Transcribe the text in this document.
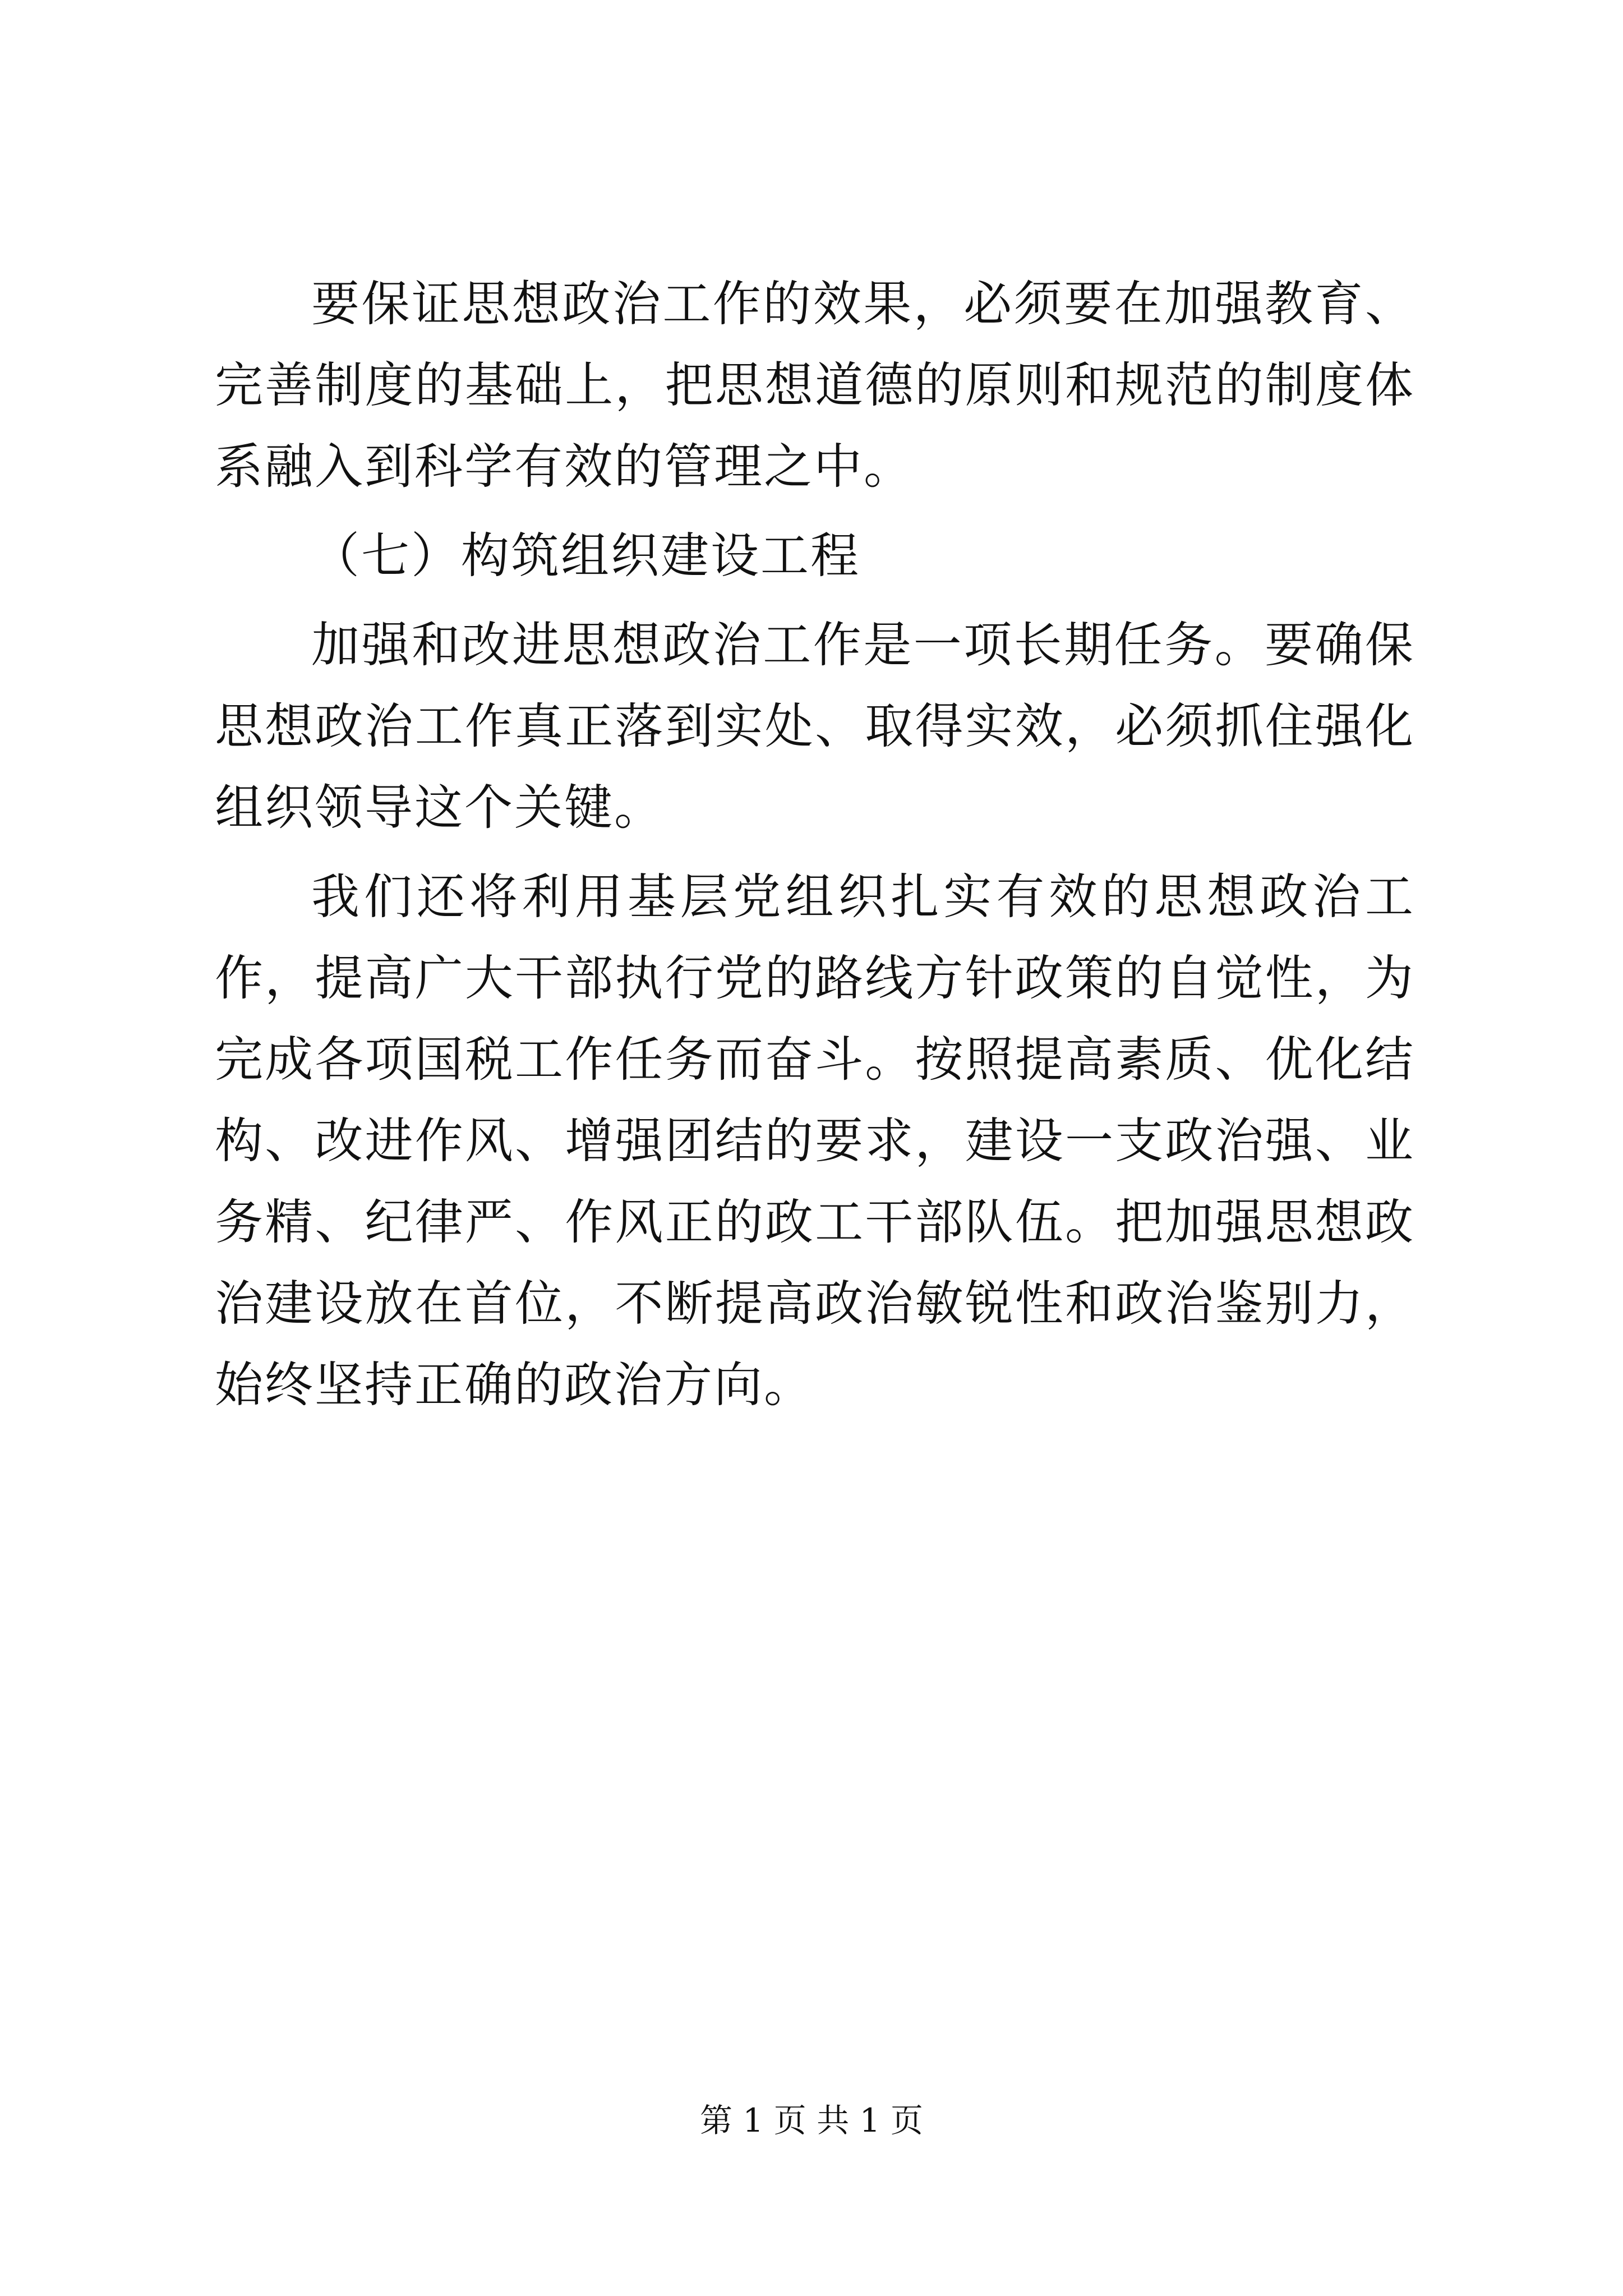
要保证思想政治工作的效果，必须要在加强教育、完善制度的基础上，把思想道德的原则和规范的制度体系融入到科学有效的管理之中。

（七）构筑组织建设工程

加强和改进思想政治工作是一项长期任务。要确保思想政治工作真正落到实处、取得实效，必须抓住强化组织领导这个关键。

我们还将利用基层党组织扎实有效的思想政治工作，提高广大干部执行党的路线方针政策的自觉性，为完成各项国税工作任务而奋斗。按照提高素质、优化结构、改进作风、增强团结的要求，建设一支政治强、业务精、纪律严、作风正的政工干部队伍。把加强思想政治建设放在首位，不断提高政治敏锐性和政治鉴别力，始终坚持正确的政治方向。

第 1 页 共 1 页
